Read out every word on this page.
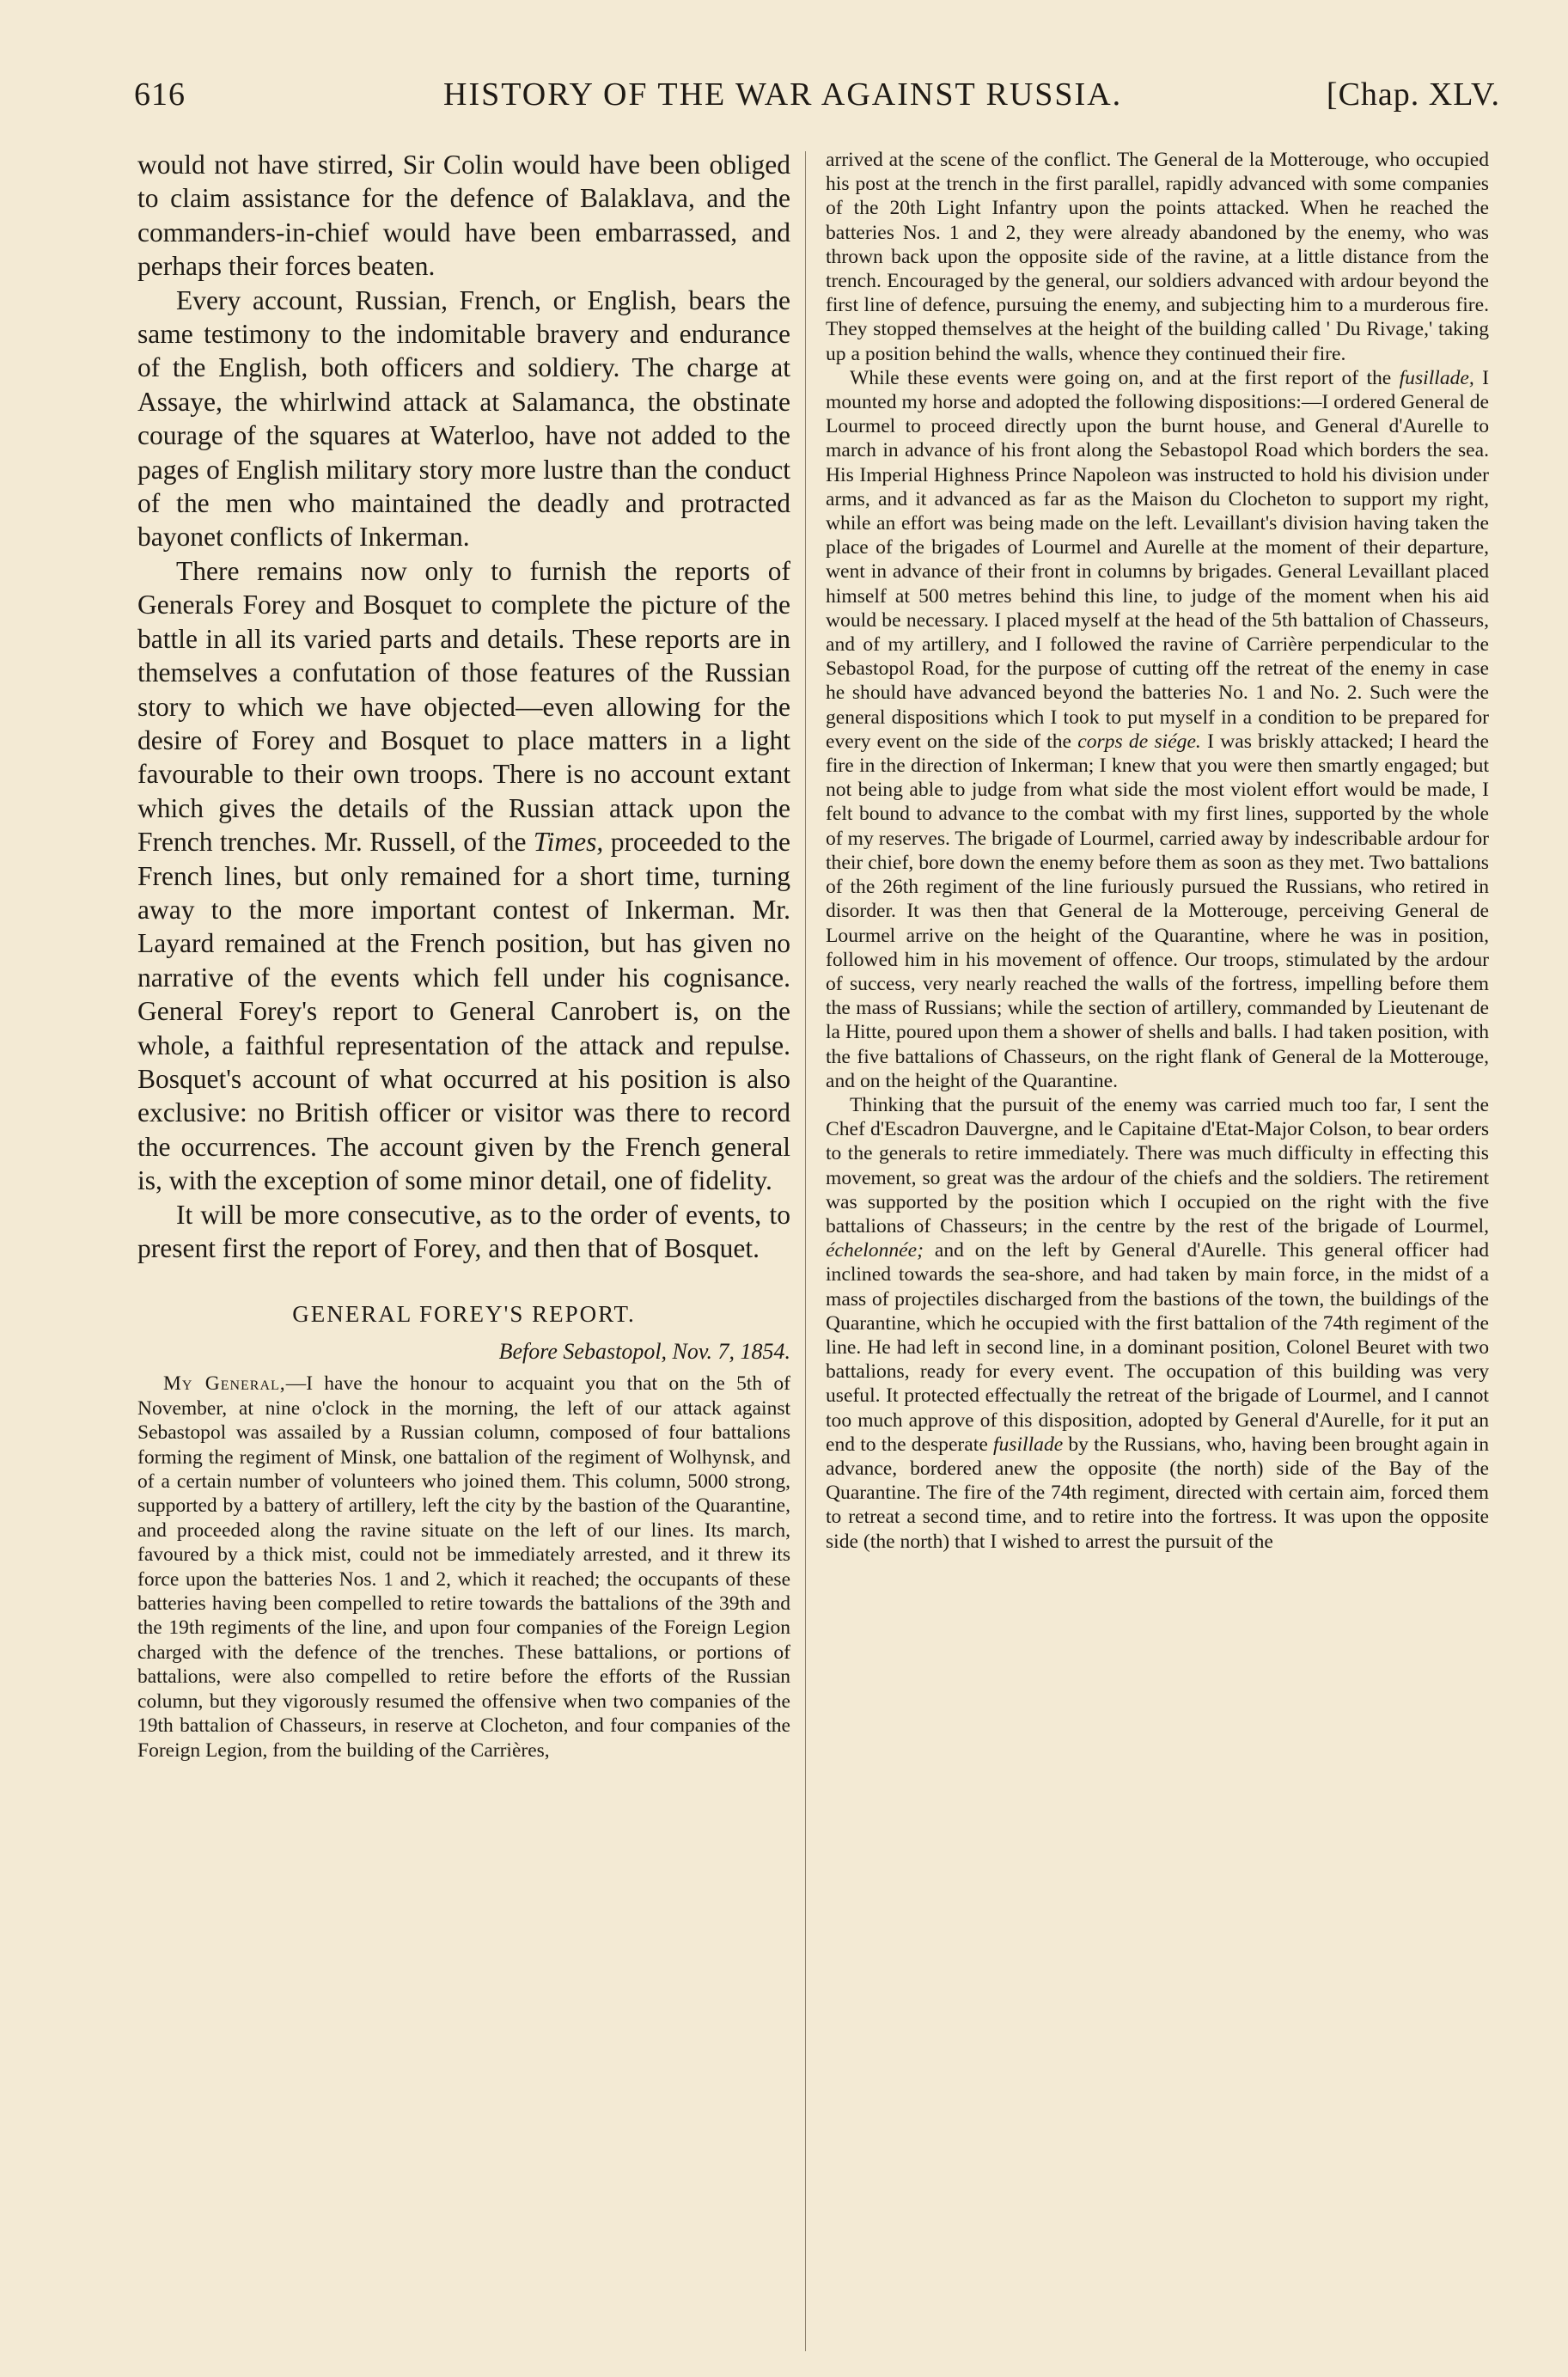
616	HISTORY OF THE WAR AGAINST RUSSIA.	[Chap. XLV.

would not have stirred, Sir Colin would have been obliged to claim assistance for the defence of Balaklava, and the commanders-in-chief would have been embarrassed, and perhaps their forces beaten.

Every account, Russian, French, or English, bears the same testimony to the indomitable bravery and endurance of the English, both officers and soldiery. The charge at Assaye, the whirlwind attack at Salamanca, the obstinate courage of the squares at Waterloo, have not added to the pages of English military story more lustre than the conduct of the men who maintained the deadly and protracted bayonet conflicts of Inkerman.

There remains now only to furnish the reports of Generals Forey and Bosquet to complete the picture of the battle in all its varied parts and details. These reports are in themselves a confutation of those features of the Russian story to which we have objected—even allowing for the desire of Forey and Bosquet to place matters in a light favourable to their own troops. There is no account extant which gives the details of the Russian attack upon the French trenches. Mr. Russell, of the Times, proceeded to the French lines, but only remained for a short time, turning away to the more important contest of Inkerman. Mr. Layard remained at the French position, but has given no narrative of the events which fell under his cognisance. General Forey's report to General Canrobert is, on the whole, a faithful representation of the attack and repulse. Bosquet's account of what occurred at his position is also exclusive: no British officer or visitor was there to record the occurrences. The account given by the French general is, with the exception of some minor detail, one of fidelity.

It will be more consecutive, as to the order of events, to present first the report of Forey, and then that of Bosquet.

GENERAL FOREY'S REPORT.

Before Sebastopol, Nov. 7, 1854.

My General,—I have the honour to acquaint you that on the 5th of November, at nine o'clock in the morning, the left of our attack against Sebastopol was assailed by a Russian column, composed of four battalions forming the regiment of Minsk, one battalion of the regiment of Wolhynsk, and of a certain number of volunteers who joined them. This column, 5000 strong, supported by a battery of artillery, left the city by the bastion of the Quarantine, and proceeded along the ravine situate on the left of our lines. Its march, favoured by a thick mist, could not be immediately arrested, and it threw its force upon the batteries Nos. 1 and 2, which it reached; the occupants of these batteries having been compelled to retire towards the battalions of the 39th and the 19th regiments of the line, and upon four companies of the Foreign Legion charged with the defence of the trenches. These battalions, or portions of battalions, were also compelled to retire before the efforts of the Russian column, but they vigorously resumed the offensive when two companies of the 19th battalion of Chasseurs, in reserve at Clocheton, and four companies of the Foreign Legion, from the building of the Carrières,

arrived at the scene of the conflict. The General de la Motterouge, who occupied his post at the trench in the first parallel, rapidly advanced with some companies of the 20th Light Infantry upon the points attacked. When he reached the batteries Nos. 1 and 2, they were already abandoned by the enemy, who was thrown back upon the opposite side of the ravine, at a little distance from the trench. Encouraged by the general, our soldiers advanced with ardour beyond the first line of defence, pursuing the enemy, and subjecting him to a murderous fire. They stopped themselves at the height of the building called ' Du Rivage,' taking up a position behind the walls, whence they continued their fire.

While these events were going on, and at the first report of the fusillade, I mounted my horse and adopted the following dispositions:—I ordered General de Lourmel to proceed directly upon the burnt house, and General d'Aurelle to march in advance of his front along the Sebastopol Road which borders the sea. His Imperial Highness Prince Napoleon was instructed to hold his division under arms, and it advanced as far as the Maison du Clocheton to support my right, while an effort was being made on the left. Levaillant's division having taken the place of the brigades of Lourmel and Aurelle at the moment of their departure, went in advance of their front in columns by brigades. General Levaillant placed himself at 500 metres behind this line, to judge of the moment when his aid would be necessary. I placed myself at the head of the 5th battalion of Chasseurs, and of my artillery, and I followed the ravine of Carrière perpendicular to the Sebastopol Road, for the purpose of cutting off the retreat of the enemy in case he should have advanced beyond the batteries No. 1 and No. 2. Such were the general dispositions which I took to put myself in a condition to be prepared for every event on the side of the corps de siége. I was briskly attacked; I heard the fire in the direction of Inkerman; I knew that you were then smartly engaged; but not being able to judge from what side the most violent effort would be made, I felt bound to advance to the combat with my first lines, supported by the whole of my reserves. The brigade of Lourmel, carried away by indescribable ardour for their chief, bore down the enemy before them as soon as they met. Two battalions of the 26th regiment of the line furiously pursued the Russians, who retired in disorder. It was then that General de la Motterouge, perceiving General de Lourmel arrive on the height of the Quarantine, where he was in position, followed him in his movement of offence. Our troops, stimulated by the ardour of success, very nearly reached the walls of the fortress, impelling before them the mass of Russians; while the section of artillery, commanded by Lieutenant de la Hitte, poured upon them a shower of shells and balls. I had taken position, with the five battalions of Chasseurs, on the right flank of General de la Motterouge, and on the height of the Quarantine.

Thinking that the pursuit of the enemy was carried much too far, I sent the Chef d'Escadron Dauvergne, and le Capitaine d'Etat-Major Colson, to bear orders to the generals to retire immediately. There was much difficulty in effecting this movement, so great was the ardour of the chiefs and the soldiers. The retirement was supported by the position which I occupied on the right with the five battalions of Chasseurs; in the centre by the rest of the brigade of Lourmel, échelonnée; and on the left by General d'Aurelle. This general officer had inclined towards the sea-shore, and had taken by main force, in the midst of a mass of projectiles discharged from the bastions of the town, the buildings of the Quarantine, which he occupied with the first battalion of the 74th regiment of the line. He had left in second line, in a dominant position, Colonel Beuret with two battalions, ready for every event. The occupation of this building was very useful. It protected effectually the retreat of the brigade of Lourmel, and I cannot too much approve of this disposition, adopted by General d'Aurelle, for it put an end to the desperate fusillade by the Russians, who, having been brought again in advance, bordered anew the opposite (the north) side of the Bay of the Quarantine. The fire of the 74th regiment, directed with certain aim, forced them to retreat a second time, and to retire into the fortress. It was upon the opposite side (the north) that I wished to arrest the pursuit of the
